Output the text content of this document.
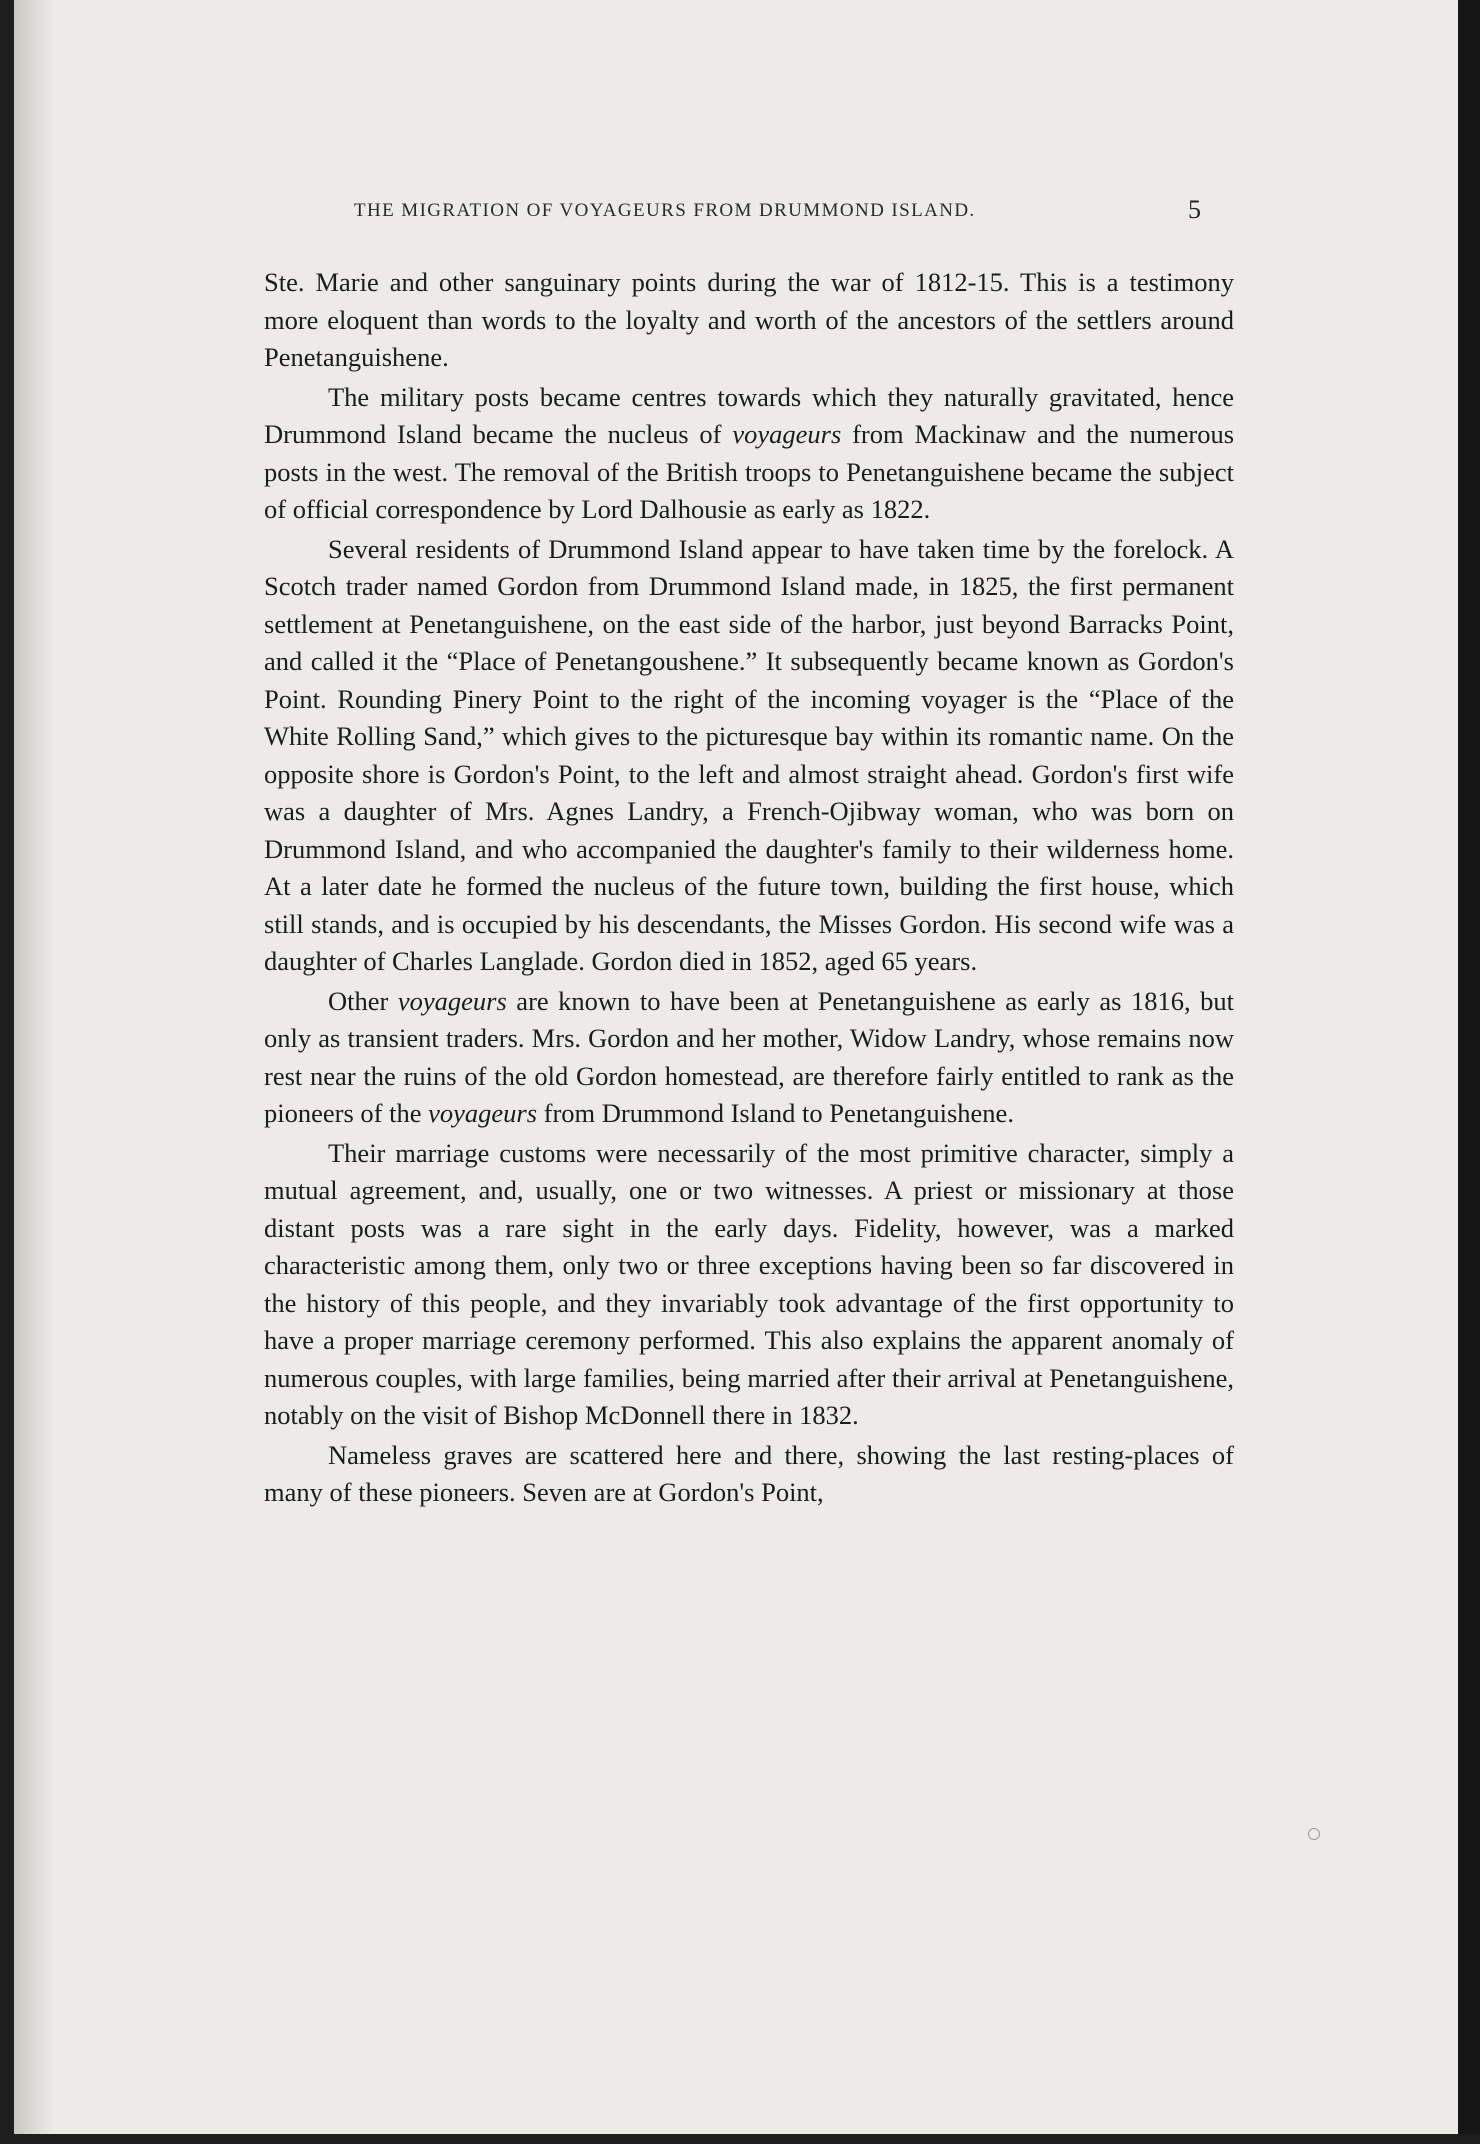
THE MIGRATION OF VOYAGEURS FROM DRUMMOND ISLAND.	5

Ste. Marie and other sanguinary points during the war of 1812-15. This is a testimony more eloquent than words to the loyalty and worth of the ancestors of the settlers around Penetanguishene.

The military posts became centres towards which they naturally gravitated, hence Drummond Island became the nucleus of voyageurs from Mackinaw and the numerous posts in the west. The removal of the British troops to Penetanguishene became the subject of official correspondence by Lord Dalhousie as early as 1822.

Several residents of Drummond Island appear to have taken time by the forelock. A Scotch trader named Gordon from Drummond Island made, in 1825, the first permanent settlement at Penetanguishene, on the east side of the harbor, just beyond Barracks Point, and called it the “Place of Penetangoushene.” It subsequently became known as Gordon's Point. Rounding Pinery Point to the right of the incoming voyager is the “Place of the White Rolling Sand,” which gives to the picturesque bay within its romantic name. On the opposite shore is Gordon's Point, to the left and almost straight ahead. Gordon's first wife was a daughter of Mrs. Agnes Landry, a French-Ojibway woman, who was born on Drummond Island, and who accompanied the daughter's family to their wilderness home. At a later date he formed the nucleus of the future town, building the first house, which still stands, and is occupied by his descendants, the Misses Gordon. His second wife was a daughter of Charles Langlade. Gordon died in 1852, aged 65 years.

Other voyageurs are known to have been at Penetanguishene as early as 1816, but only as transient traders. Mrs. Gordon and her mother, Widow Landry, whose remains now rest near the ruins of the old Gordon homestead, are therefore fairly entitled to rank as the pioneers of the voyageurs from Drummond Island to Penetanguishene.

Their marriage customs were necessarily of the most primitive character, simply a mutual agreement, and, usually, one or two witnesses. A priest or missionary at those distant posts was a rare sight in the early days. Fidelity, however, was a marked characteristic among them, only two or three exceptions having been so far discovered in the history of this people, and they invariably took advantage of the first opportunity to have a proper marriage ceremony performed. This also explains the apparent anomaly of numerous couples, with large families, being married after their arrival at Penetanguishene, notably on the visit of Bishop McDonnell there in 1832.

Nameless graves are scattered here and there, showing the last resting-places of many of these pioneers. Seven are at Gordon's Point,
